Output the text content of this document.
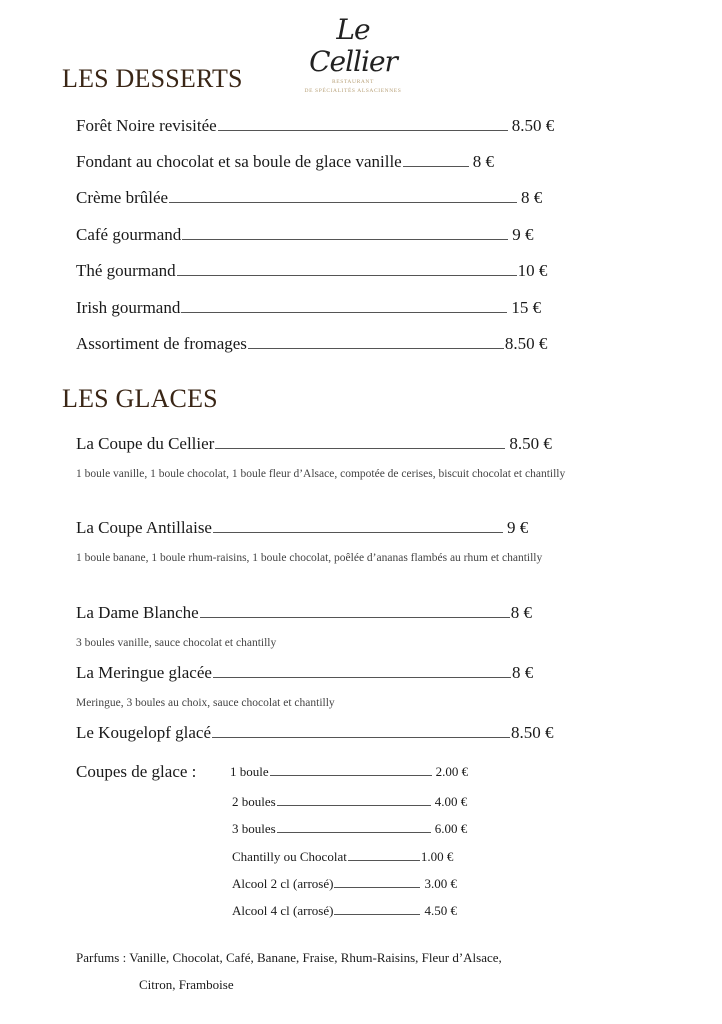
Le Cellier
RESTAURANT
DE SPÉCIALITÉS ALSACIENNES
LES DESSERTS
Forêt Noire revisitée	8.50 €
Fondant au chocolat et sa boule de glace vanille	8 €
Crème brûlée	8 €
Café gourmand	9 €
Thé gourmand	10 €
Irish gourmand	15 €
Assortiment de fromages	8.50 €
LES GLACES
La Coupe du Cellier	8.50 €
1 boule vanille, 1 boule chocolat, 1 boule fleur d’Alsace, compotée de cerises, biscuit chocolat et chantilly
La Coupe Antillaise	9 €
1 boule banane, 1 boule rhum-raisins, 1 boule chocolat, poêlée d’ananas flambés au rhum et chantilly
La Dame Blanche	8 €
3 boules vanille, sauce chocolat et chantilly
La Meringue glacée	8 €
Meringue, 3 boules au choix, sauce chocolat et chantilly
Le Kougelopf glacé	8.50 €
Coupes de glace :	1 boule	2.00 €
2 boules	4.00 €
3 boules	6.00 €
Chantilly ou Chocolat	1.00 €
Alcool 2 cl (arrosé)	3.00 €
Alcool 4 cl (arrosé)	4.50 €
Parfums : Vanille, Chocolat, Café, Banane, Fraise, Rhum-Raisins, Fleur d’Alsace,
Citron, Framboise
